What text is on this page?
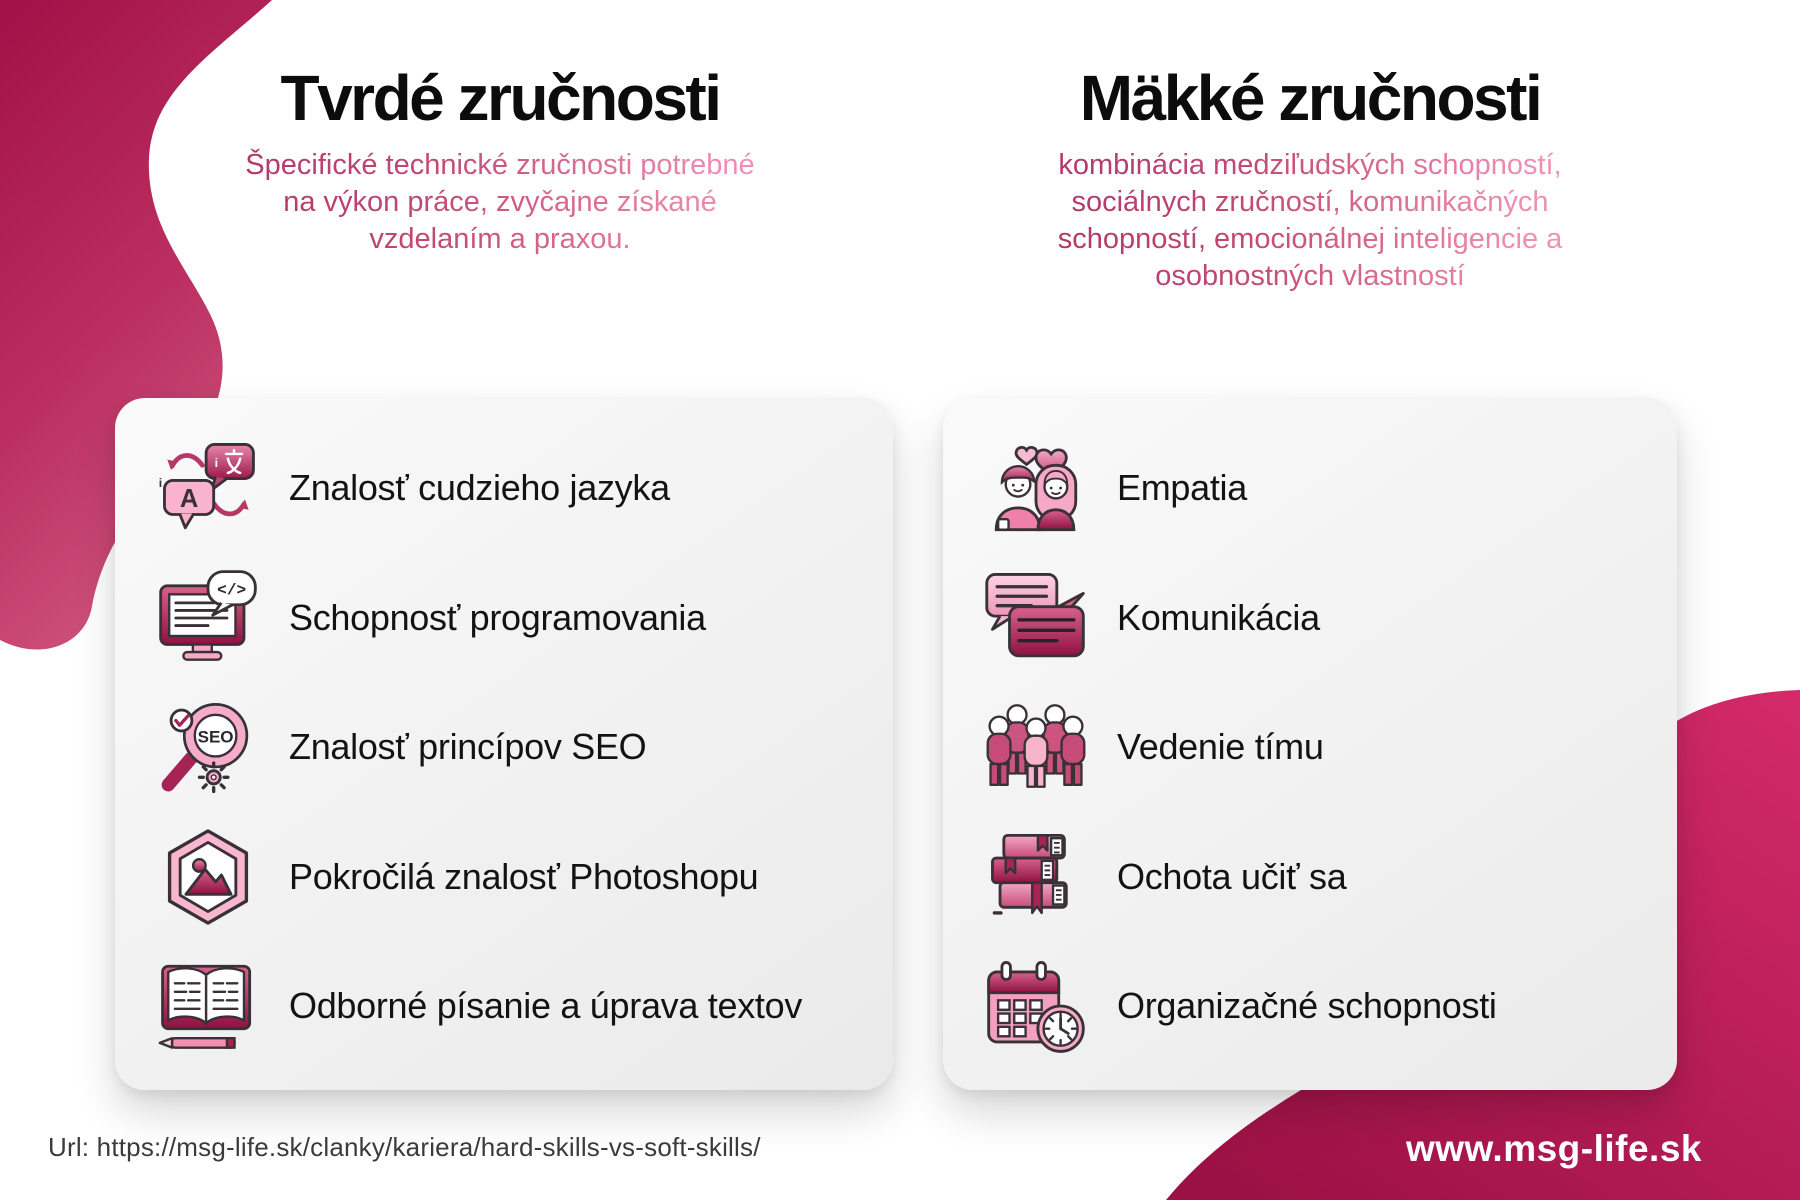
Tvrdé zručnosti

Špecifické technické zručnosti potrebné
na výkon práce, zvyčajne získané
vzdelaním a praxou.

Mäkké zručnosti

kombinácia medziľudských schopností,
sociálnych zručností, komunikačných
schopností, emocionálnej inteligencie a
osobnostných vlastností

i
i
A	Znalosť cudzieho jazyka
</>
Schopnosť programovania
SEO Znalosť princípov SEO
Pokročilá znalosť Photoshopu
Odborné písanie a úprava textov
Empatia
Komunikácia
Vedenie tímu
Ochota učiť sa
Organizačné schopnosti
Url: https://msg-life.sk/clanky/kariera/hard-skills-vs-soft-skills/	www.msg-life.sk
